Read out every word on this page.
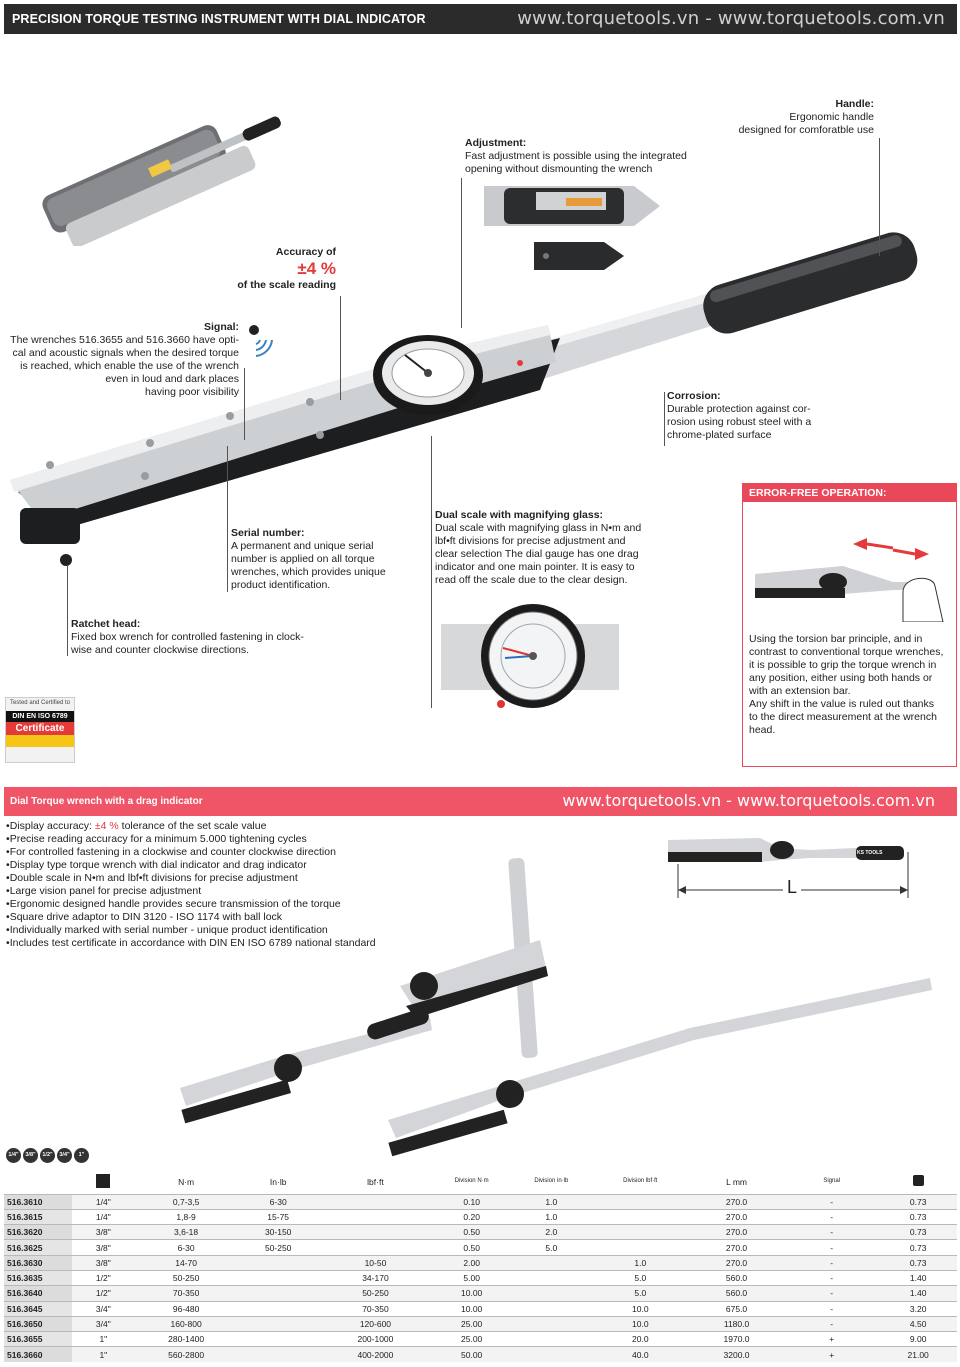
PRECISION TORQUE TESTING INSTRUMENT WITH DIAL INDICATOR	www.torquetools.vn - www.torquetools.com.vn
Handle:
Ergonomic handle
designed for comforatble use
Adjustment:
Fast adjustment is possible using the integrated
opening without dismounting the wrench
Accuracy of
±4 %
of the scale reading
Signal:
The wrenches 516.3655 and 516.3660 have opti-
cal and acoustic signals when the desired torque
is reached, which enable the use of the wrench
even in loud and dark places
having poor visibility	Corrosion:
Durable protection against cor-
rosion using robust steel with a
chrome-plated surface
Serial number:
A permanent and unique serial
number is applied on all torque
wrenches, which provides unique
product identification.
Dual scale with magnifying glass:
Dual scale with magnifying glass in N•m and
lbf•ft divisions for precise adjustment and
clear selection The dial gauge has one drag
indicator and one main pointer. It is easy to
read off the scale due to the clear design.
Ratchet head:
Fixed box wrench for controlled fastening in clock-
wise and counter clockwise directions.
Tested and Certified to
DIN EN ISO 6789
Certificate
ERROR-FREE OPERATION:
Using the torsion bar principle, and in
contrast to conventional torque wrenches,
it is possible to grip the torque wrench in
any position, either using both hands or
with an extension bar.
Any shift in the value is ruled out thanks
to the direct measurement at the wrench
head.
Dial Torque wrench with a drag indicator	www.torquetools.vn - www.torquetools.com.vn
• Display accuracy: ±4 % tolerance of the set scale value
• Precise reading accuracy for a minimum 5.000 tightening cycles
• For controlled fastening in a clockwise and counter clockwise direction
• Display type torque wrench with dial indicator and drag indicator
• Double scale in N•m and lbf•ft divisions for precise adjustment
• Large vision panel for precise adjustment
• Ergonomic designed handle provides secure transmission of the torque
• Square drive adaptor to DIN 3120 - ISO 1174 with ball lock
• Individually marked with serial number - unique product identification
• Includes test certificate in accordance with DIN EN ISO 6789 national standard
L
KS TOOLS
1/4" 3/8" 1/2" 3/4" 1"
		N·m	In·lb	lbf·ft	Division N·m	Division in·lb	Division lbf·ft	L mm	Signal	
516.3610	1/4"	0,7-3,5	6-30		0.10	1.0		270.0	-	0.73
516.3615	1/4"	1,8-9	15-75		0.20	1.0		270.0	-	0.73
516.3620	3/8"	3,6-18	30-150		0.50	2.0		270.0	-	0.73
516.3625	3/8"	6-30	50-250		0.50	5.0		270.0	-	0.73
516.3630	3/8"	14-70		10-50	2.00		1.0	270.0	-	0.73
516.3635	1/2"	50-250		34-170	5.00		5.0	560.0	-	1.40
516.3640	1/2"	70-350		50-250	10.00		5.0	560.0	-	1.40
516.3645	3/4"	96-480		70-350	10.00		10.0	675.0	-	3.20
516.3650	3/4"	160-800		120-600	25.00		10.0	1180.0	-	4.50
516.3655	1"	280-1400		200-1000	25.00		20.0	1970.0	+	9.00
516.3660	1"	560-2800		400-2000	50.00		40.0	3200.0	+	21.00
